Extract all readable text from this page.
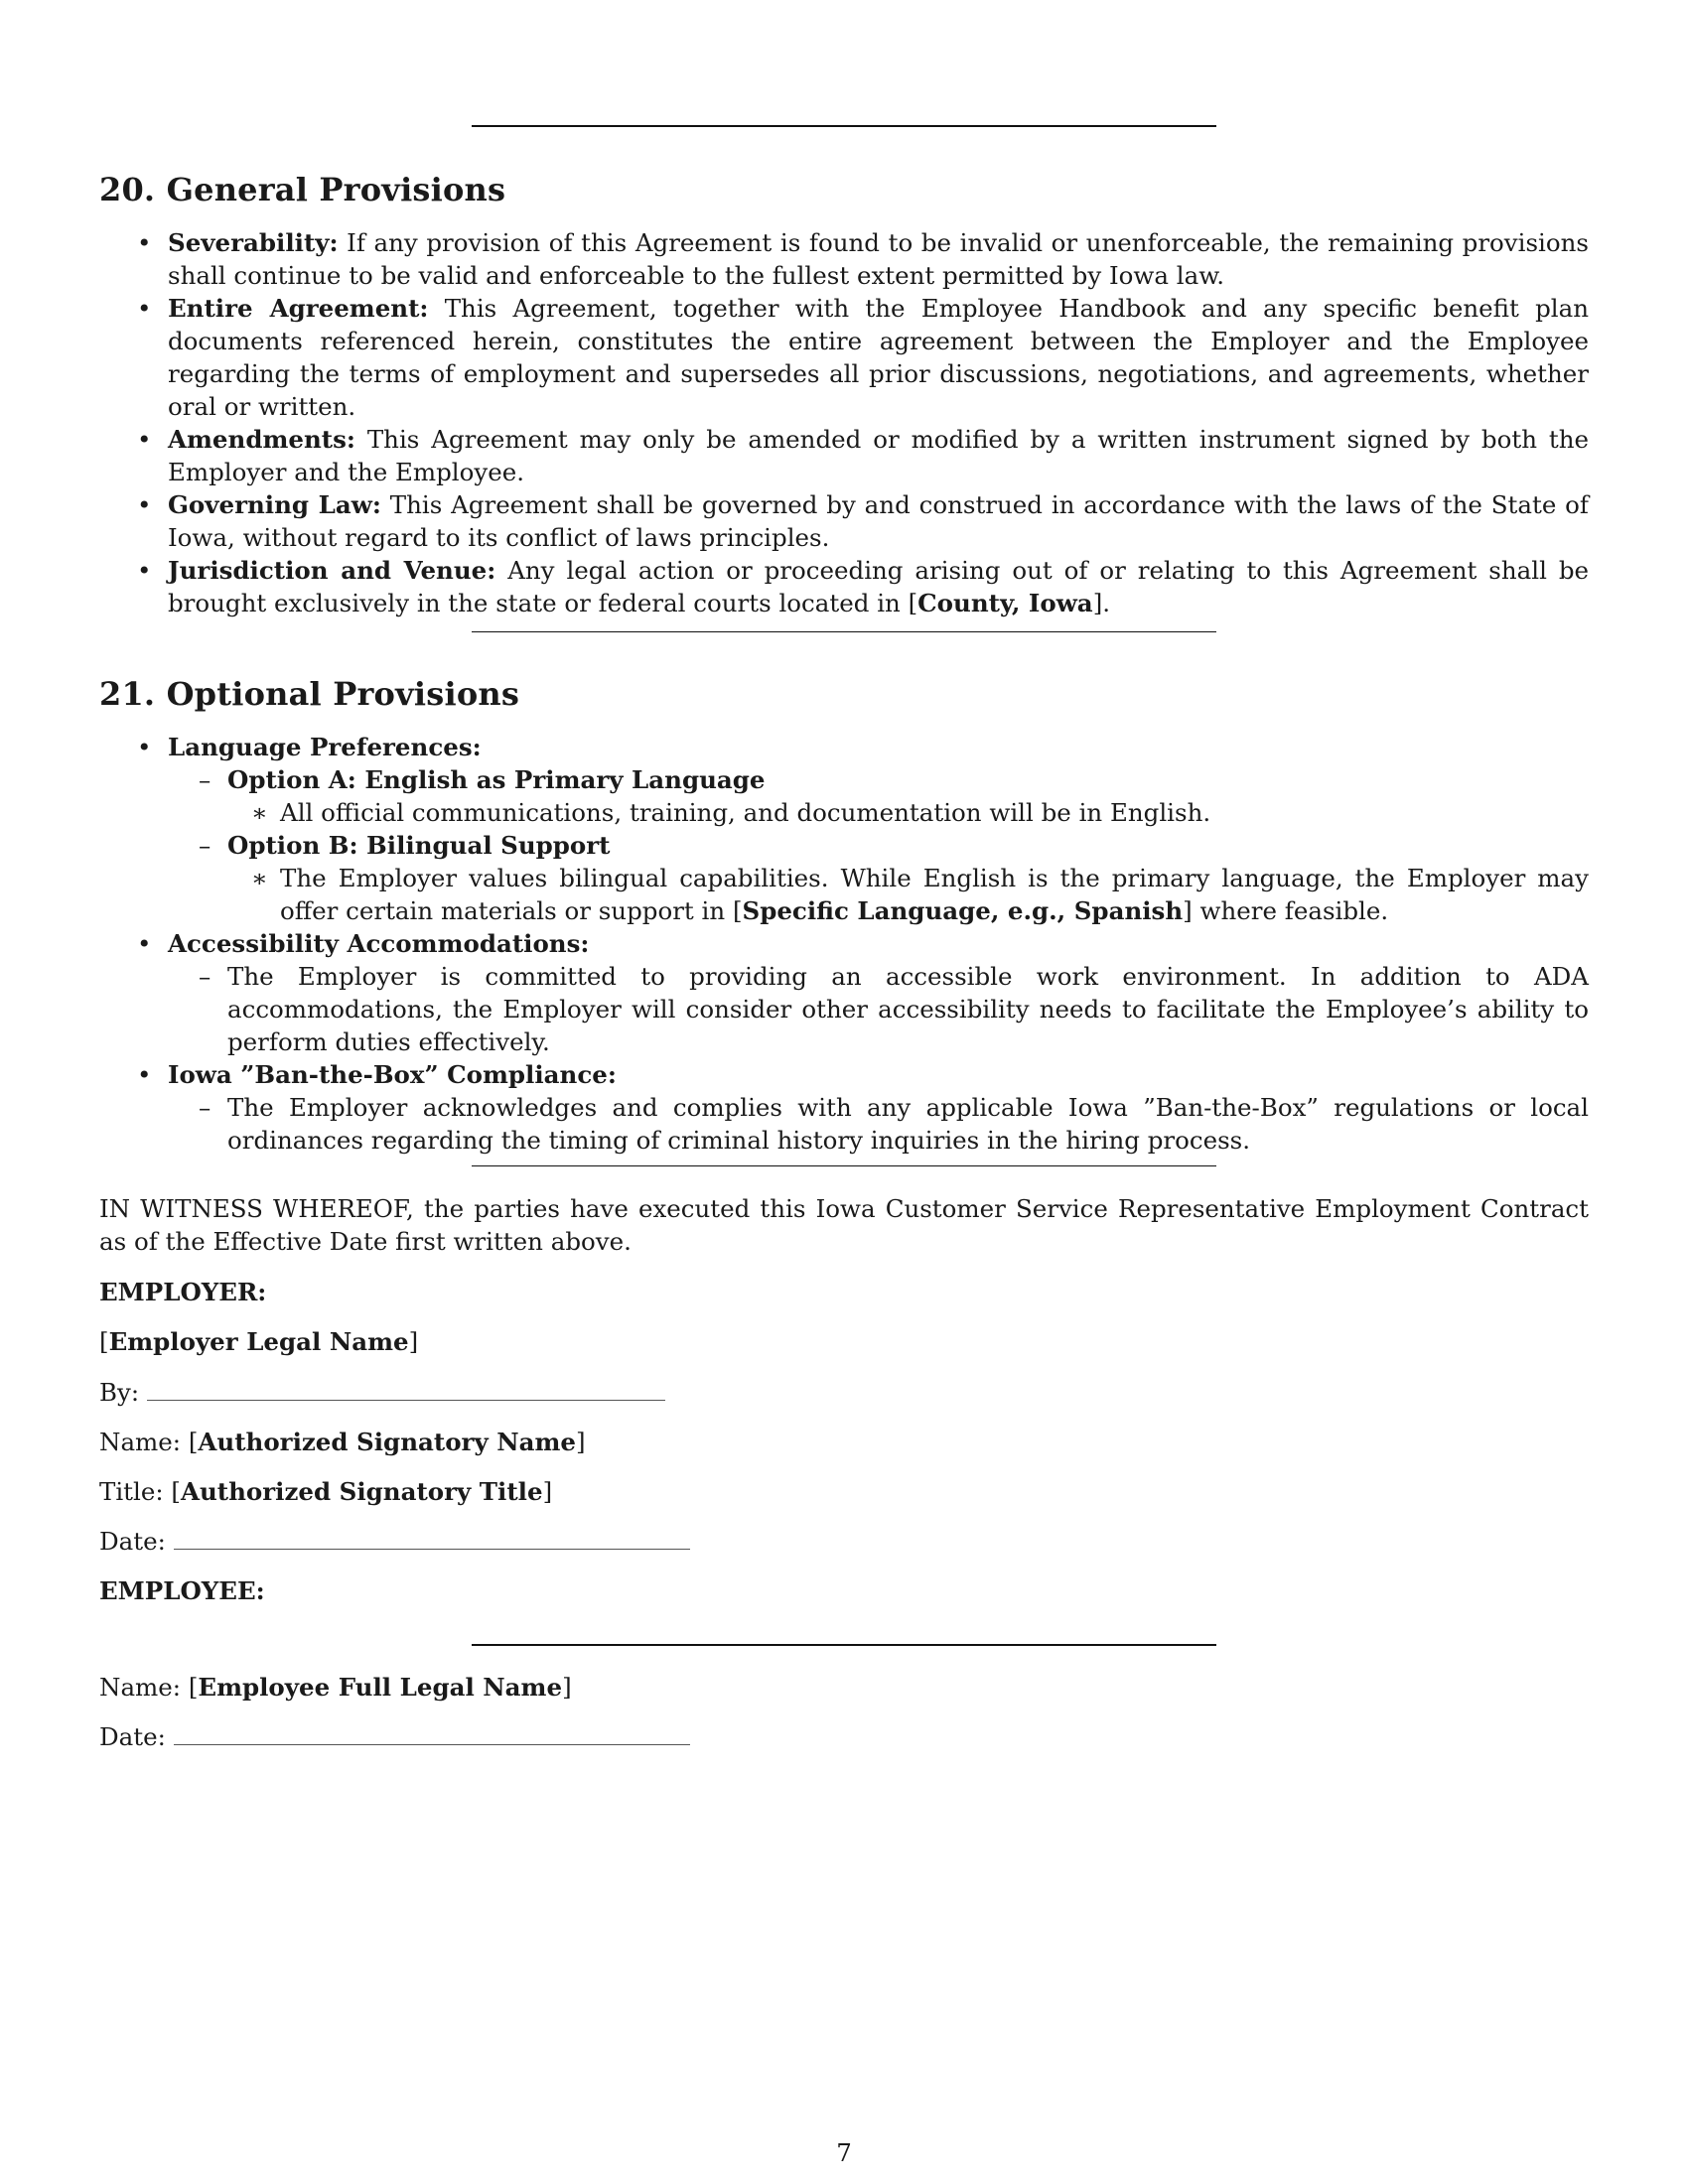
20. General Provisions
• Severability: If any provision of this Agreement is found to be invalid or unenforceable, the remaining provisions shall continue to be valid and enforceable to the fullest extent permitted by Iowa law.
• Entire Agreement: This Agreement, together with the Employee Handbook and any specific benefit plan documents referenced herein, constitutes the entire agreement between the Employer and the Employee regarding the terms of employment and supersedes all prior discussions, negotiations, and agreements, whether oral or written.
• Amendments: This Agreement may only be amended or modified by a written instrument signed by both the Employer and the Employee.
• Governing Law: This Agreement shall be governed by and construed in accordance with the laws of the State of Iowa, without regard to its conflict of laws principles.
• Jurisdiction and Venue: Any legal action or proceeding arising out of or relating to this Agreement shall be brought exclusively in the state or federal courts located in [County, Iowa].
21. Optional Provisions
• Language Preferences:
– Option A: English as Primary Language
∗ All official communications, training, and documentation will be in English.
– Option B: Bilingual Support
∗ The Employer values bilingual capabilities. While English is the primary language, the Employer may offer certain materials or support in [Specific Language, e.g., Spanish] where feasible.
• Accessibility Accommodations:
– The Employer is committed to providing an accessible work environment. In addition to ADA accommodations, the Employer will consider other accessibility needs to facilitate the Employee’s ability to perform duties effectively.
• Iowa ”Ban-the-Box” Compliance:
– The Employer acknowledges and complies with any applicable Iowa ”Ban-the-Box” regulations or local ordinances regarding the timing of criminal history inquiries in the hiring process.

IN WITNESS WHEREOF, the parties have executed this Iowa Customer Service Representative Employment Contract as of the Effective Date first written above.

EMPLOYER:

[Employer Legal Name]

By:

Name: [Authorized Signatory Name]

Title: [Authorized Signatory Title]

Date:

EMPLOYEE:

Name: [Employee Full Legal Name]

Date:

7
